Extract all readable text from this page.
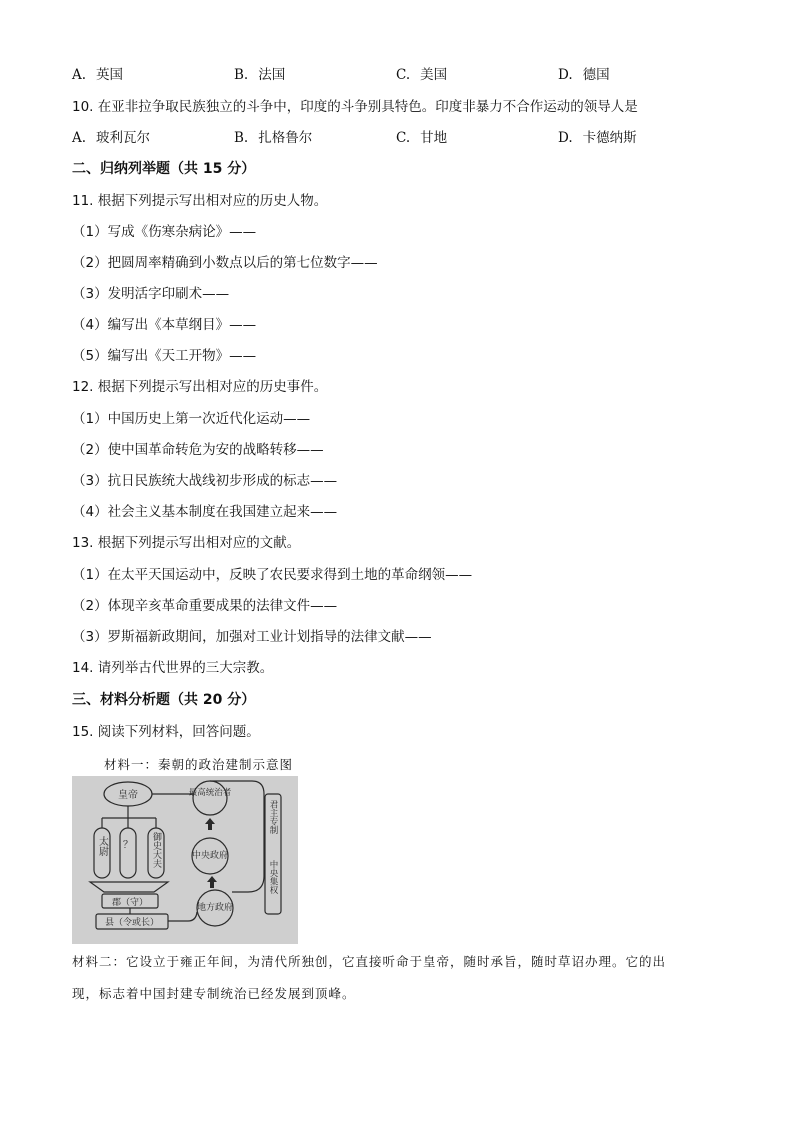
A. 英国	B. 法国	C. 美国	D. 德国
10. 在亚非拉争取民族独立的斗争中，印度的斗争别具特色。印度非暴力不合作运动的领导人是
A. 玻利瓦尔	B. 扎格鲁尔	C. 甘地	D. 卡德纳斯
二、归纳列举题（共 15 分）
11. 根据下列提示写出相对应的历史人物。
（1）写成《伤寒杂病论》——
（2）把圆周率精确到小数点以后的第七位数字——
（3）发明活字印刷术——
（4）编写出《本草纲目》——
（5）编写出《天工开物》——
12. 根据下列提示写出相对应的历史事件。
（1）中国历史上第一次近代化运动——
（2）使中国革命转危为安的战略转移——
（3）抗日民族统大战线初步形成的标志——
（4）社会主义基本制度在我国建立起来——
13. 根据下列提示写出相对应的文献。
（1）在太平天国运动中，反映了农民要求得到土地的革命纲领——
（2）体现辛亥革命重要成果的法律文件——
（3）罗斯福新政期间，加强对工业计划指导的法律文献——
14. 请列举古代世界的三大宗教。
三、材料分析题（共 20 分）
15. 阅读下列材料，回答问题。
材料一：秦朝的政治建制示意图
皇帝	最高统治者
中央政府
地方政府
郡（守）
县（令或长）
太尉 ？ 御史大夫
君主专制
中央集权
材料二：它设立于雍正年间，为清代所独创，它直接听命于皇帝，随时承旨，随时草诏办理。它的出
现，标志着中国封建专制统治已经发展到顶峰。
